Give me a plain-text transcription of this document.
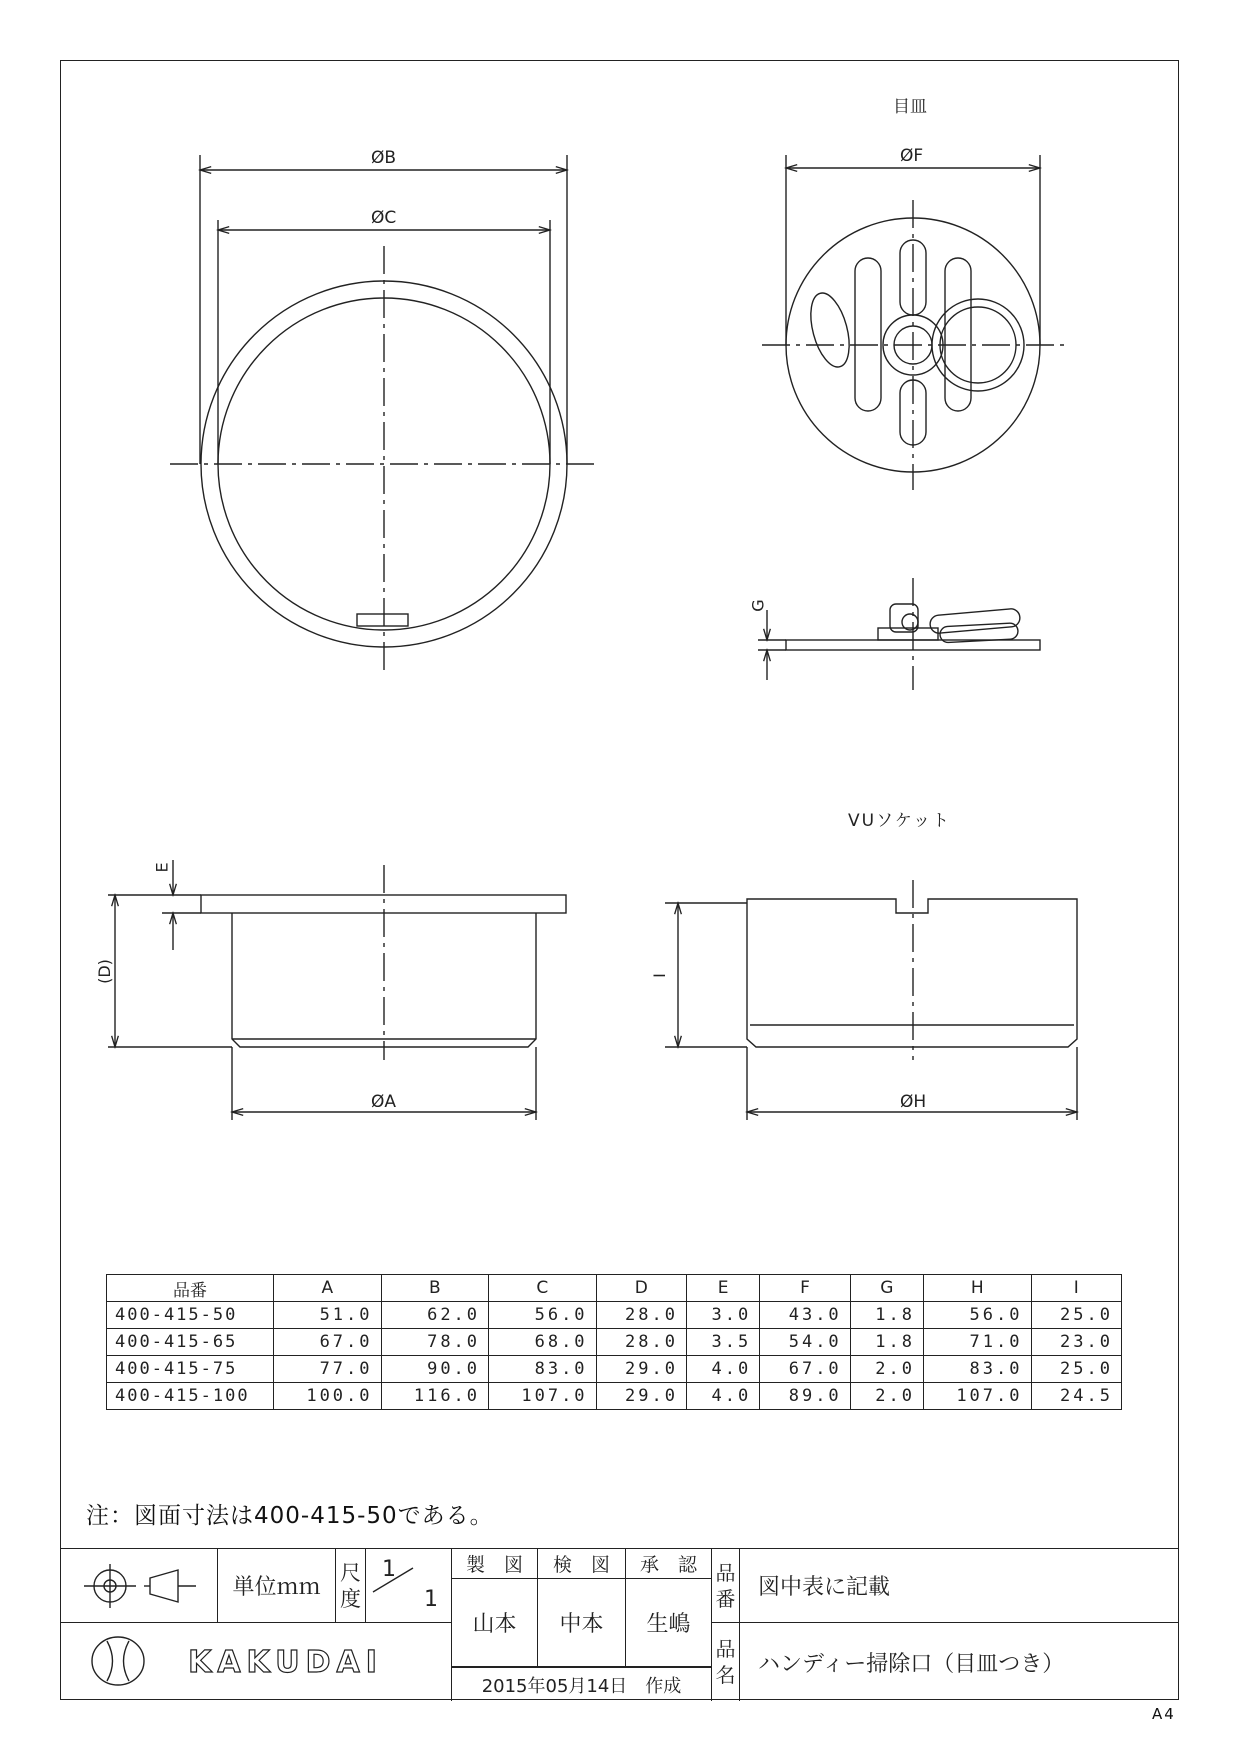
目皿
ØB
ØC
ØF
G
VUソケット
E
(D)
ØA
I
ØH
品番	A	B	C	D	E	F	G	H	I
400-415-50	51.0	62.0	56.0	28.0	3.0	43.0	1.8	56.0	25.0
400-415-65	67.0	78.0	68.0	28.0	3.5	54.0	1.8	71.0	23.0
400-415-75	77.0	90.0	83.0	29.0	4.0	67.0	2.0	83.0	25.0
400-415-100	100.0	116.0	107.0	29.0	4.0	89.0	2.0	107.0	24.5
注：図面寸法は400-415-50である。
単位ｍｍ
尺
度
1
1
製　図	検　図	承　認
山本	中本	生嶋
品
番	図中表に記載
KAKUDAI
2015年05月14日　作成
品
名	ハンディー掃除口（目皿つき）
A4
